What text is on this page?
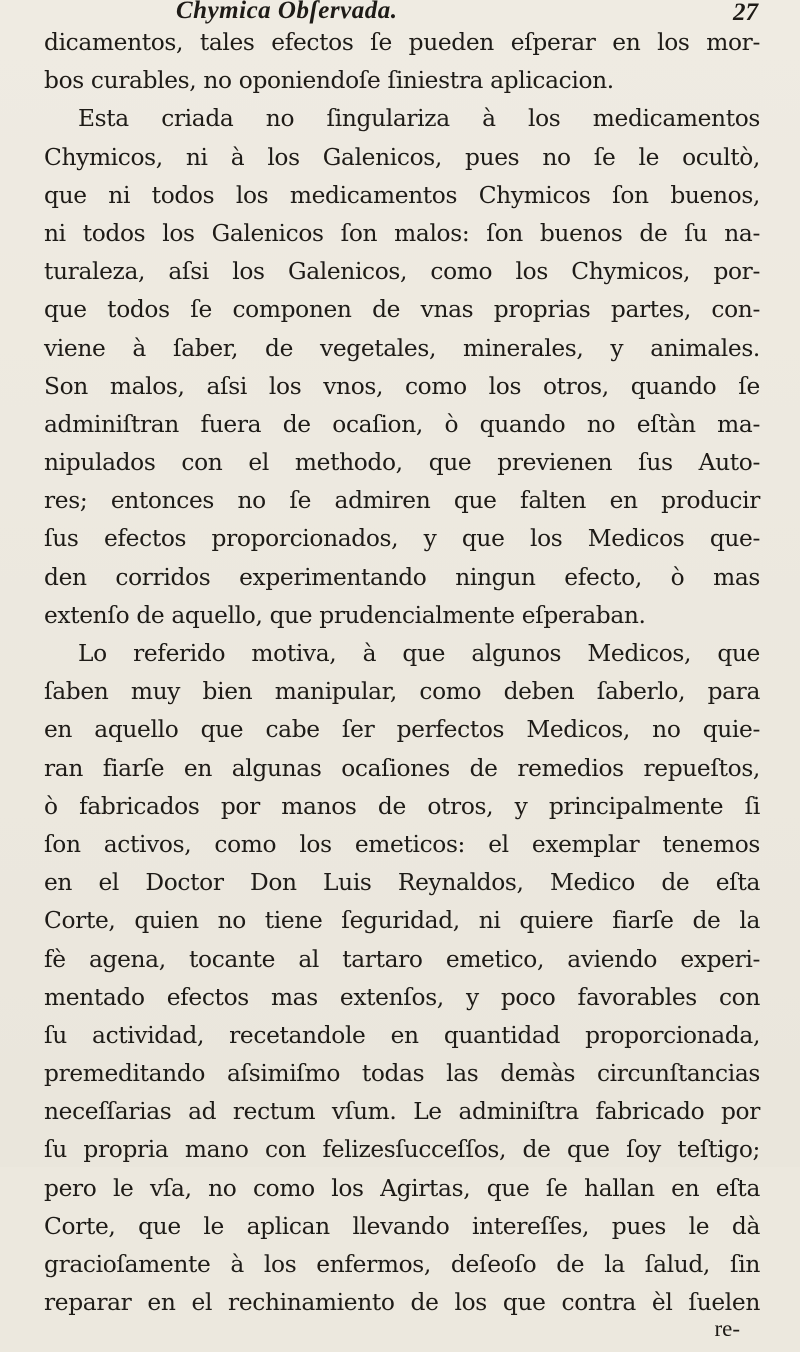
Chymica Obſervada.	27
dicamentos, tales efectos ſe pueden eſperar en los mor-
bos curables, no oponiendoſe ſiniestra aplicacion.
Esta criada no ſingulariza à los medicamentos
Chymicos, ni à los Galenicos, pues no ſe le ocultò,
que ni todos los medicamentos Chymicos ſon buenos,
ni todos los Galenicos ſon malos: ſon buenos de ſu na-
turaleza, aſsi los Galenicos, como los Chymicos, por-
que todos ſe componen de vnas proprias partes, con-
viene à ſaber, de vegetales, minerales, y animales.
Son malos, aſsi los vnos, como los otros, quando ſe
adminiſtran fuera de ocaſion, ò quando no eſtàn ma-
nipulados con el methodo, que previenen ſus Auto-
res; entonces no ſe admiren que falten en producir
ſus efectos proporcionados, y que los Medicos que-
den corridos experimentando ningun efecto, ò mas
extenſo de aquello, que prudencialmente eſperaban.
Lo referido motiva, à que algunos Medicos, que
ſaben muy bien manipular, como deben ſaberlo, para
en aquello que cabe ſer perfectos Medicos, no quie-
ran fiarſe en algunas ocaſiones de remedios repueſtos,
ò fabricados por manos de otros, y principalmente ſi
ſon activos, como los emeticos: el exemplar tenemos
en el Doctor Don Luis Reynaldos, Medico de eſta
Corte, quien no tiene ſeguridad, ni quiere fiarſe de la
fè agena, tocante al tartaro emetico, aviendo experi-
mentado efectos mas extenſos, y poco favorables con
ſu actividad, recetandole en quantidad proporcionada,
premeditando aſsimiſmo todas las demàs circunſtancias
neceſſarias ad rectum vſum. Le adminiſtra fabricado por
ſu propria mano con felizesſucceſſos, de que ſoy teſtigo;
pero le vſa, no como los Agirtas, que ſe hallan en eſta
Corte, que le aplican llevando intereſſes, pues le dà
gracioſamente à los enfermos, deſeoſo de la ſalud, ſin
reparar en el rechinamiento de los que contra èl ſuelen
re-
